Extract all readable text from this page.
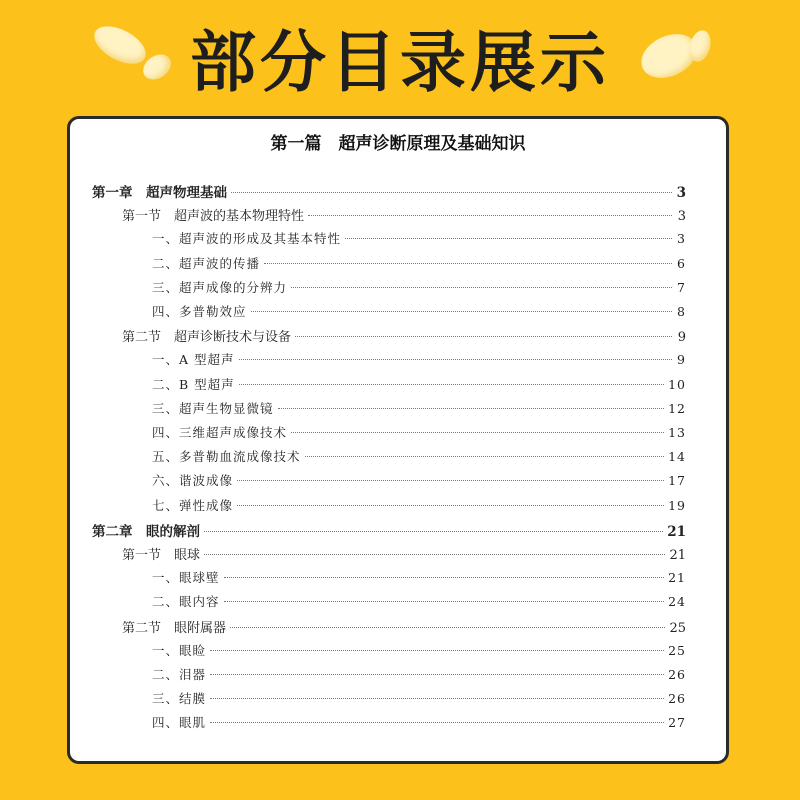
部分目录展示
第一篇　超声诊断原理及基础知识
第一章　超声物理基础	3
第一节　超声波的基本物理特性	3
一、超声波的形成及其基本特性	3
二、超声波的传播	6
三、超声成像的分辨力	7
四、多普勒效应	8
第二节　超声诊断技术与设备	9
一、A 型超声	9
二、B 型超声	10
三、超声生物显微镜	12
四、三维超声成像技术	13
五、多普勒血流成像技术	14
六、谐波成像	17
七、弹性成像	19
第二章　眼的解剖	21
第一节　眼球	21
一、眼球壁	21
二、眼内容	24
第二节　眼附属器	25
一、眼睑	25
二、泪器	26
三、结膜	26
四、眼肌	27
